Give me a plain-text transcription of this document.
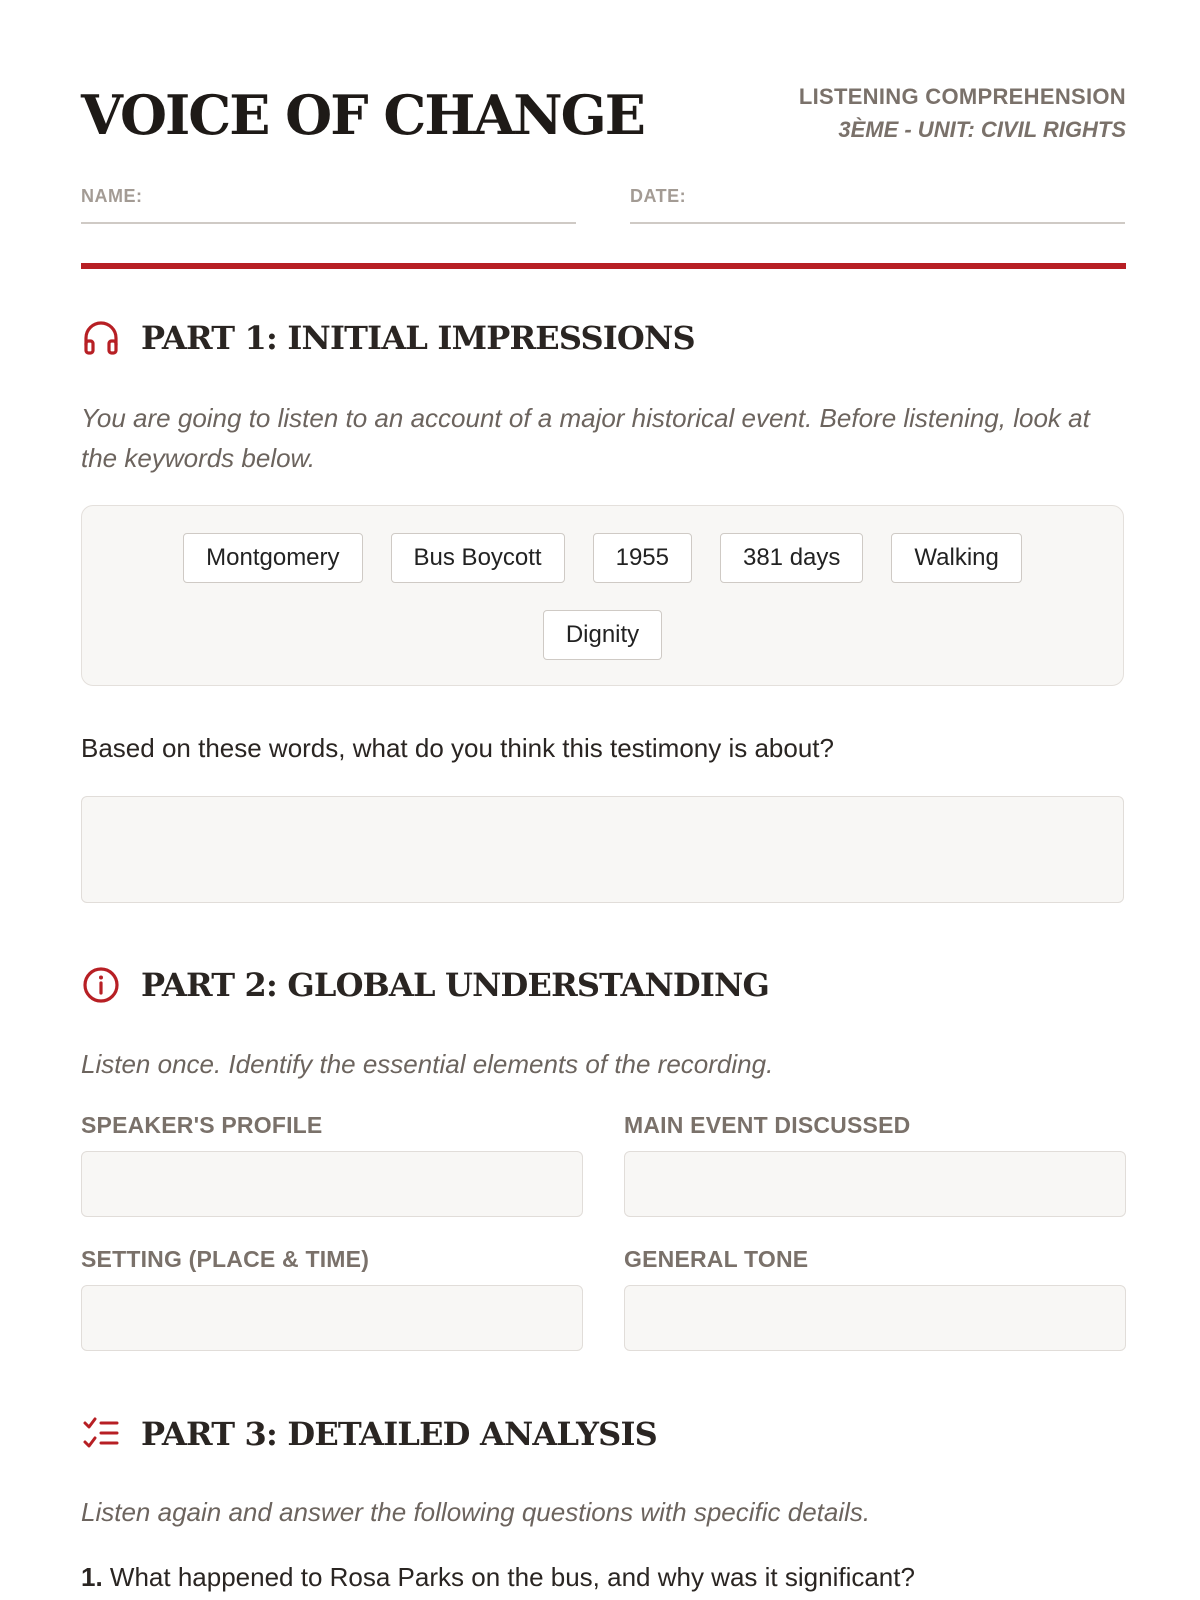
VOICE OF CHANGE	LISTENING COMPREHENSION
3ÈME - UNIT: CIVIL RIGHTS
NAME:	DATE:
PART 1: INITIAL IMPRESSIONS
You are going to listen to an account of a major historical event. Before listening, look at the keywords below.
Montgomery	Bus Boycott	1955	381 days	Walking
Dignity
Based on these words, what do you think this testimony is about?
PART 2: GLOBAL UNDERSTANDING
Listen once. Identify the essential elements of the recording.
SPEAKER'S PROFILE	MAIN EVENT DISCUSSED
SETTING (PLACE & TIME)	GENERAL TONE
PART 3: DETAILED ANALYSIS
Listen again and answer the following questions with specific details.
1. What happened to Rosa Parks on the bus, and why was it significant?
